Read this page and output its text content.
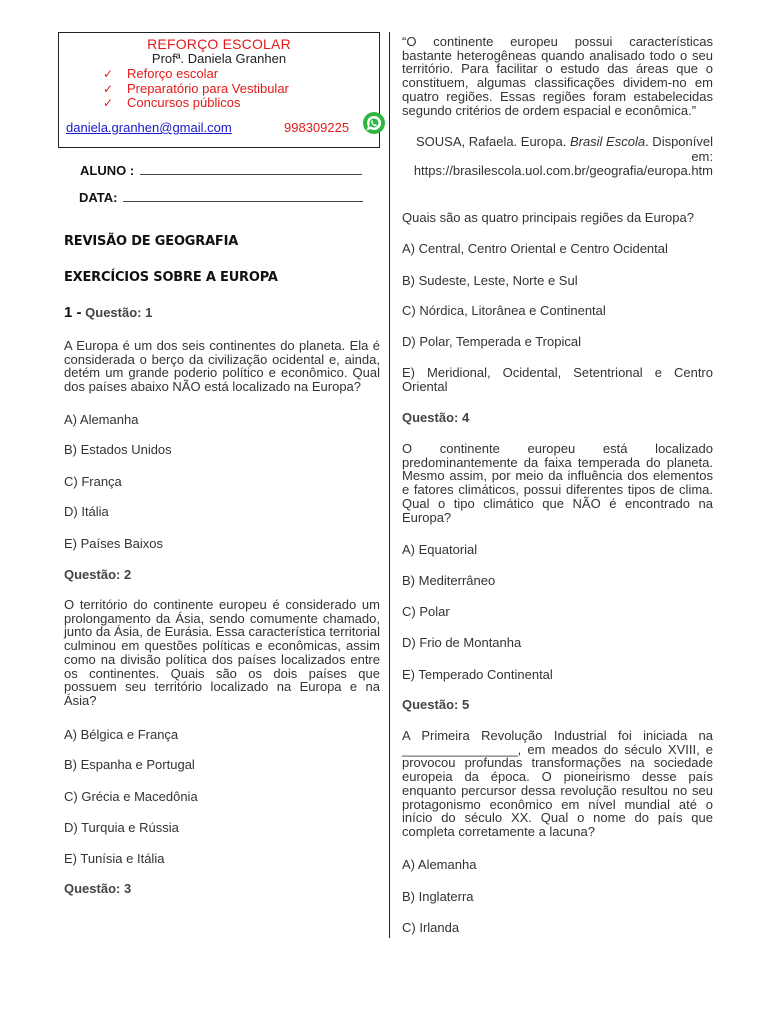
REFORÇO ESCOLAR
Profª. Daniela Granhen
✓ Reforço escolar
✓ Preparatório para Vestibular
✓ Concursos públicos
daniela.granhen@gmail.com	998309225
ALUNO :
DATA:
REVISÃO DE GEOGRAFIA
EXERCÍCIOS SOBRE A EUROPA
1 - Questão: 1
A Europa é um dos seis continentes do planeta. Ela é considerada o berço da civilização ocidental e, ainda, detém um grande poderio político e econômico. Qual dos países abaixo NÃO está localizado na Europa?
A) Alemanha
B) Estados Unidos
C) França
D) Itália
E) Países Baixos
Questão: 2
O território do continente europeu é considerado um prolongamento da Ásia, sendo comumente chamado, junto da Ásia, de Eurásia. Essa característica territorial culminou em questões políticas e econômicas, assim como na divisão política dos países localizados entre os continentes. Quais são os dois países que possuem seu território localizado na Europa e na Ásia?
A) Bélgica e França
B) Espanha e Portugal
C) Grécia e Macedônia
D) Turquia e Rússia
E) Tunísia e Itália
Questão: 3
“O continente europeu possui características bastante heterogêneas quando analisado todo o seu território. Para facilitar o estudo das áreas que o constituem, algumas classificações dividem-no em quatro regiões. Essas regiões foram estabelecidas segundo critérios de ordem espacial e econômica.”
SOUSA, Rafaela. Europa. Brasil Escola. Disponível em:
https://brasilescola.uol.com.br/geografia/europa.htm
Quais são as quatro principais regiões da Europa?
A) Central, Centro Oriental e Centro Ocidental
B) Sudeste, Leste, Norte e Sul
C) Nórdica, Litorânea e Continental
D) Polar, Temperada e Tropical
E) Meridional, Ocidental, Setentrional e Centro Oriental
Questão: 4
O continente europeu está localizado predominantemente da faixa temperada do planeta. Mesmo assim, por meio da influência dos elementos e fatores climáticos, possui diferentes tipos de clima. Qual o tipo climático que NÃO é encontrado na Europa?
A) Equatorial
B) Mediterrâneo
C) Polar
D) Frio de Montanha
E) Temperado Continental
Questão: 5
A Primeira Revolução Industrial foi iniciada na ________________, em meados do século XVIII, e provocou profundas transformações na sociedade europeia da época. O pioneirismo desse país enquanto percursor dessa revolução resultou no seu protagonismo econômico em nível mundial até o início do século XX. Qual o nome do país que completa corretamente a lacuna?
A) Alemanha
B) Inglaterra
C) Irlanda
